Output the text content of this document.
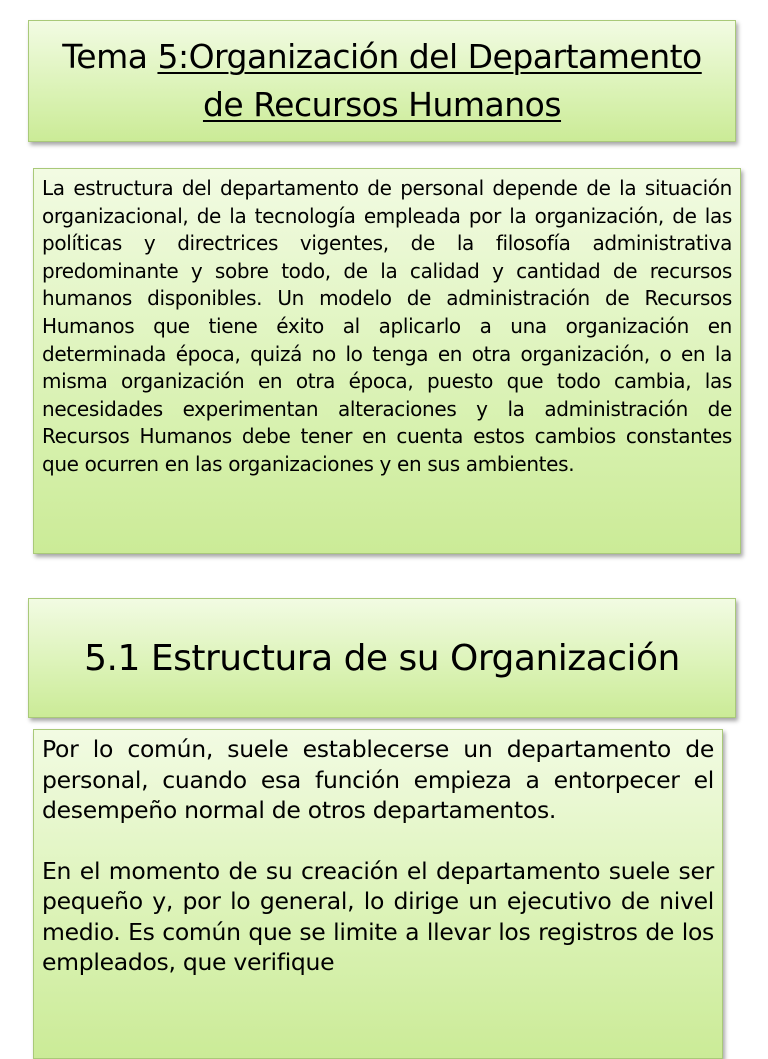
Tema 5:Organización del Departamento
de Recursos Humanos

La estructura del departamento de personal depende de la situación organizacional, de la tecnología empleada por la organización, de las políticas y directrices vigentes, de la filosofía administrativa predominante y sobre todo, de la calidad y cantidad de recursos humanos disponibles. Un modelo de administración de Recursos Humanos que tiene éxito al aplicarlo a una organización en determinada época, quizá no lo tenga en otra organización, o en la misma organización en otra época, puesto que todo cambia, las necesidades experimentan alteraciones y la administración de Recursos Humanos debe tener en cuenta estos cambios constantes que ocurren en las organizaciones y en sus ambientes.

5.1 Estructura de su Organización

Por lo común, suele establecerse un departamento de personal, cuando esa función empieza a entorpecer el desempeño normal de otros departamentos.

En el momento de su creación el departamento suele ser pequeño y, por lo general, lo dirige un ejecutivo de nivel medio. Es común que se limite a llevar los registros de los empleados, que verifique
